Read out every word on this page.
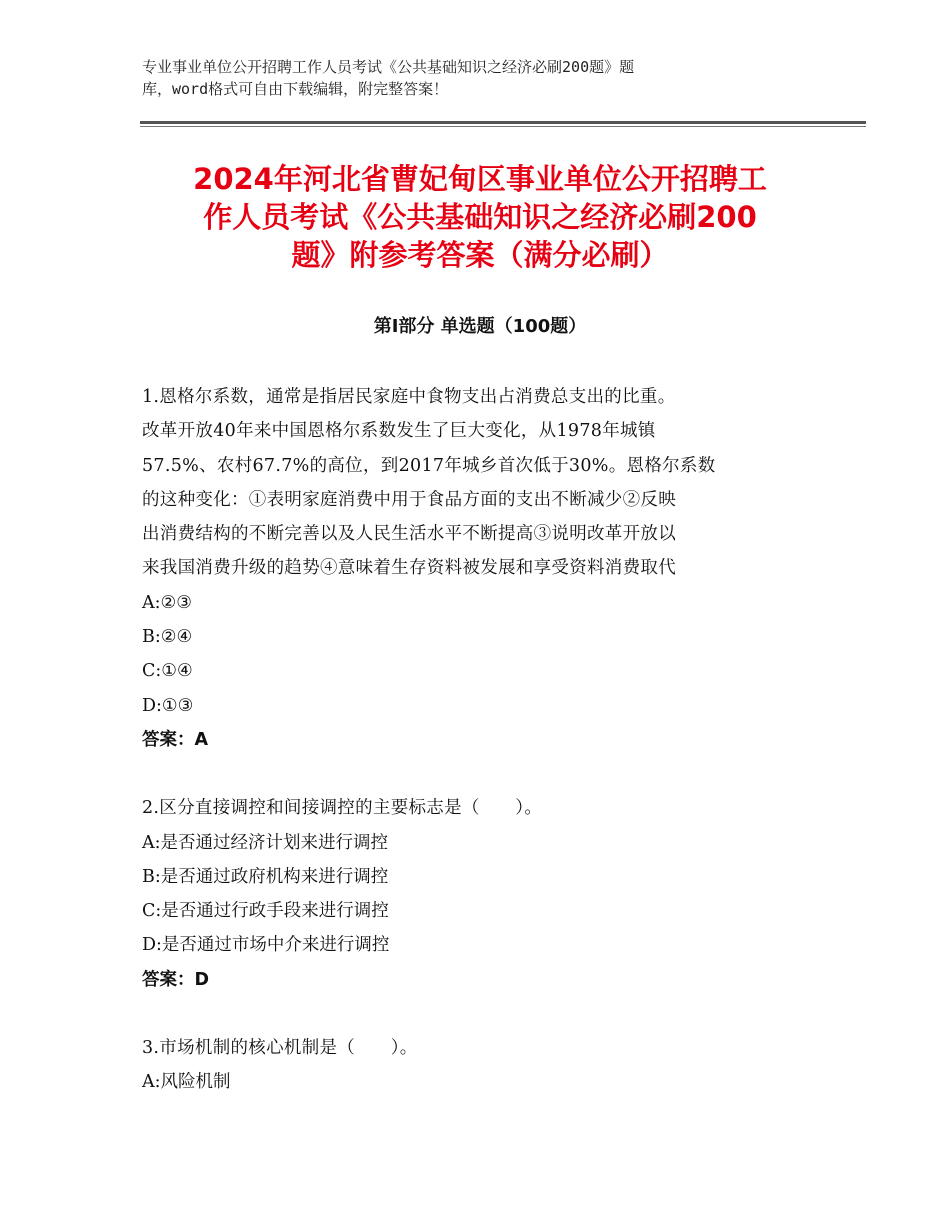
专业事业单位公开招聘工作人员考试《公共基础知识之经济必刷200题》题
库，word格式可自由下载编辑，附完整答案！
2024年河北省曹妃甸区事业单位公开招聘工
作人员考试《公共基础知识之经济必刷200
题》附参考答案（满分必刷）
第Ⅰ部分 单选题（100题）

1.恩格尔系数，通常是指居民家庭中食物支出占消费总支出的比重。
改革开放40年来中国恩格尔系数发生了巨大变化，从1978年城镇
57.5%、农村67.7%的高位，到2017年城乡首次低于30%。恩格尔系数
的这种变化：①表明家庭消费中用于食品方面的支出不断减少②反映
出消费结构的不断完善以及人民生活水平不断提高③说明改革开放以
来我国消费升级的趋势④意味着生存资料被发展和享受资料消费取代

A:②③

B:②④

C:①④

D:①③

答案：A

2.区分直接调控和间接调控的主要标志是（　　）。

A:是否通过经济计划来进行调控

B:是否通过政府机构来进行调控

C:是否通过行政手段来进行调控

D:是否通过市场中介来进行调控

答案：D

3.市场机制的核心机制是（　　）。

A:风险机制
